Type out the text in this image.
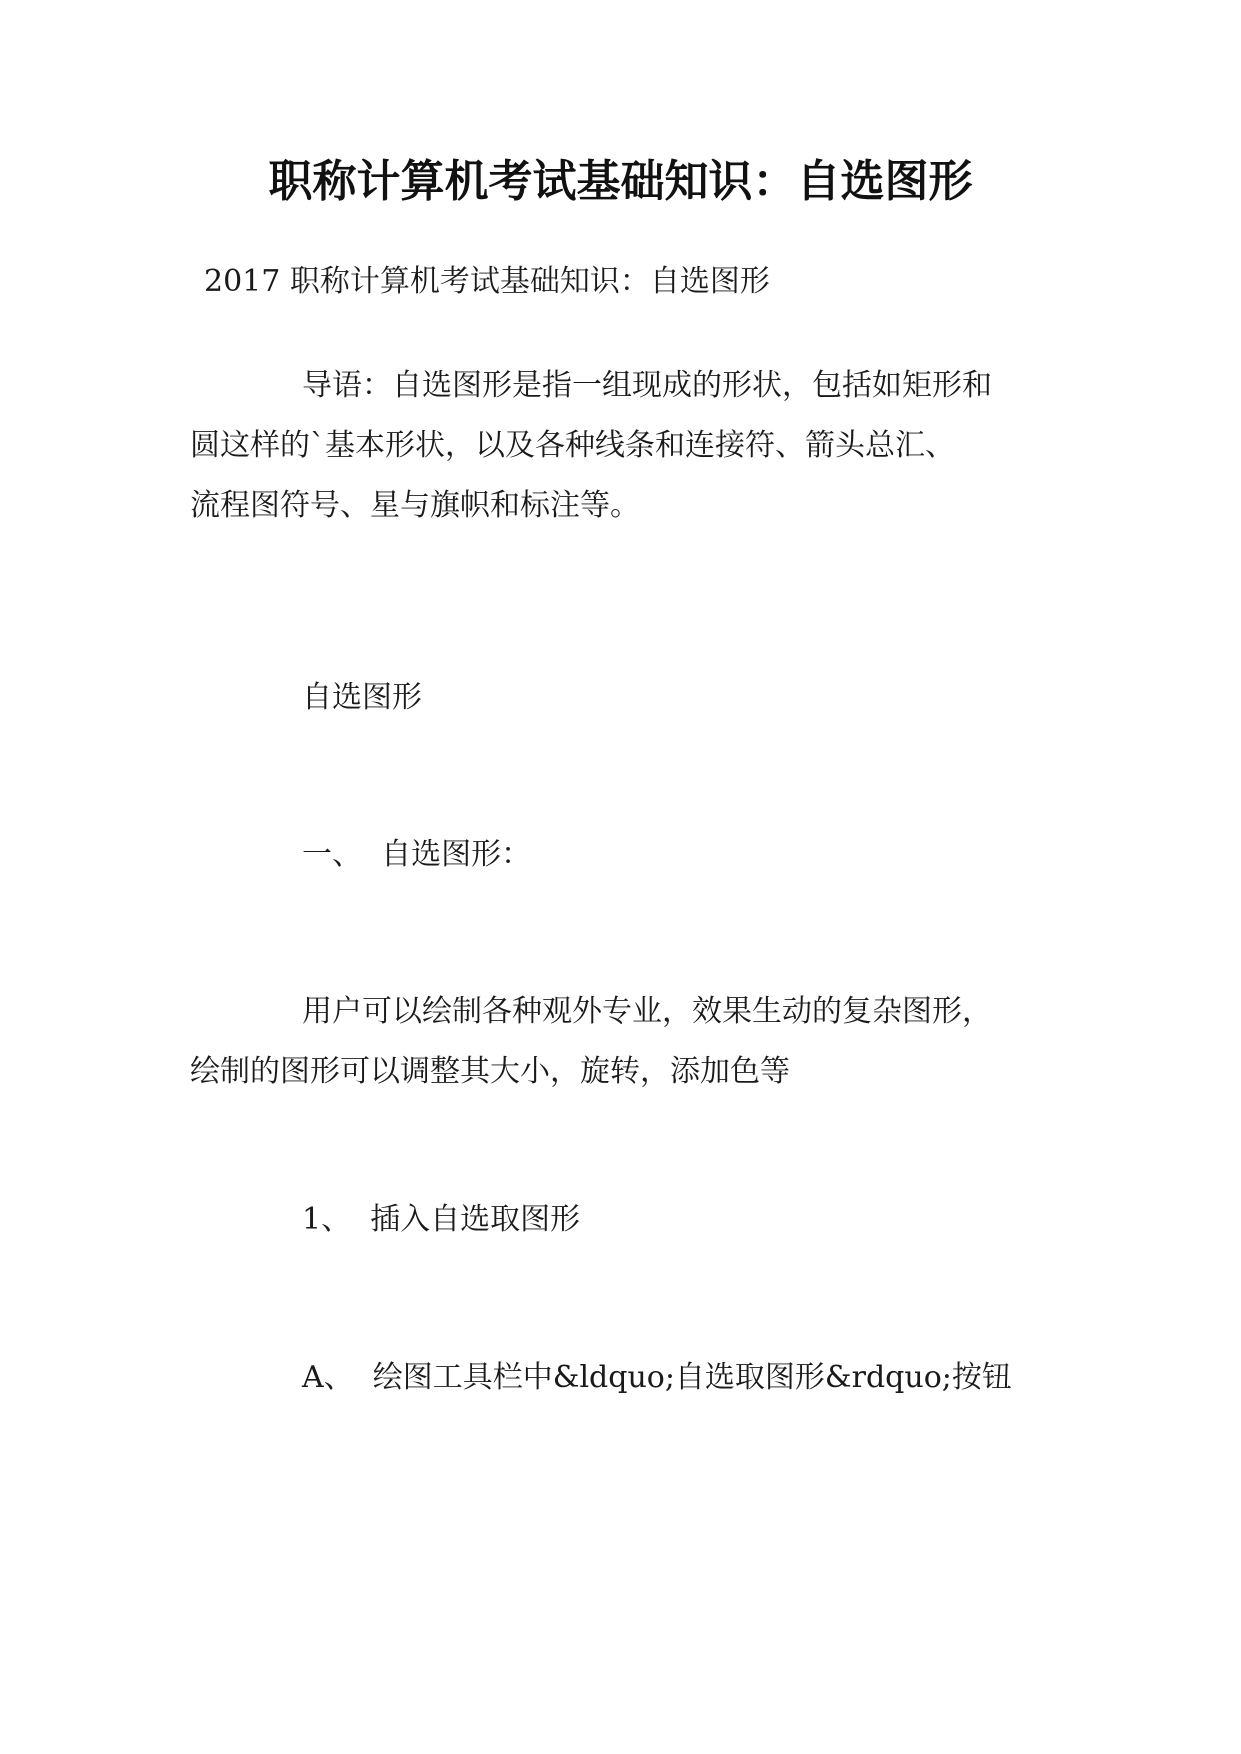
职称计算机考试基础知识：自选图形

2017 职称计算机考试基础知识：自选图形

导语：自选图形是指一组现成的形状，包括如矩形和
圆这样的`基本形状，以及各种线条和连接符、箭头总汇、
流程图符号、星与旗帜和标注等。

自选图形

一、  自选图形：

用户可以绘制各种观外专业，效果生动的复杂图形，
绘制的图形可以调整其大小，旋转，添加色等

1、  插入自选取图形

A、  绘图工具栏中&ldquo;自选取图形&rdquo;按钮
